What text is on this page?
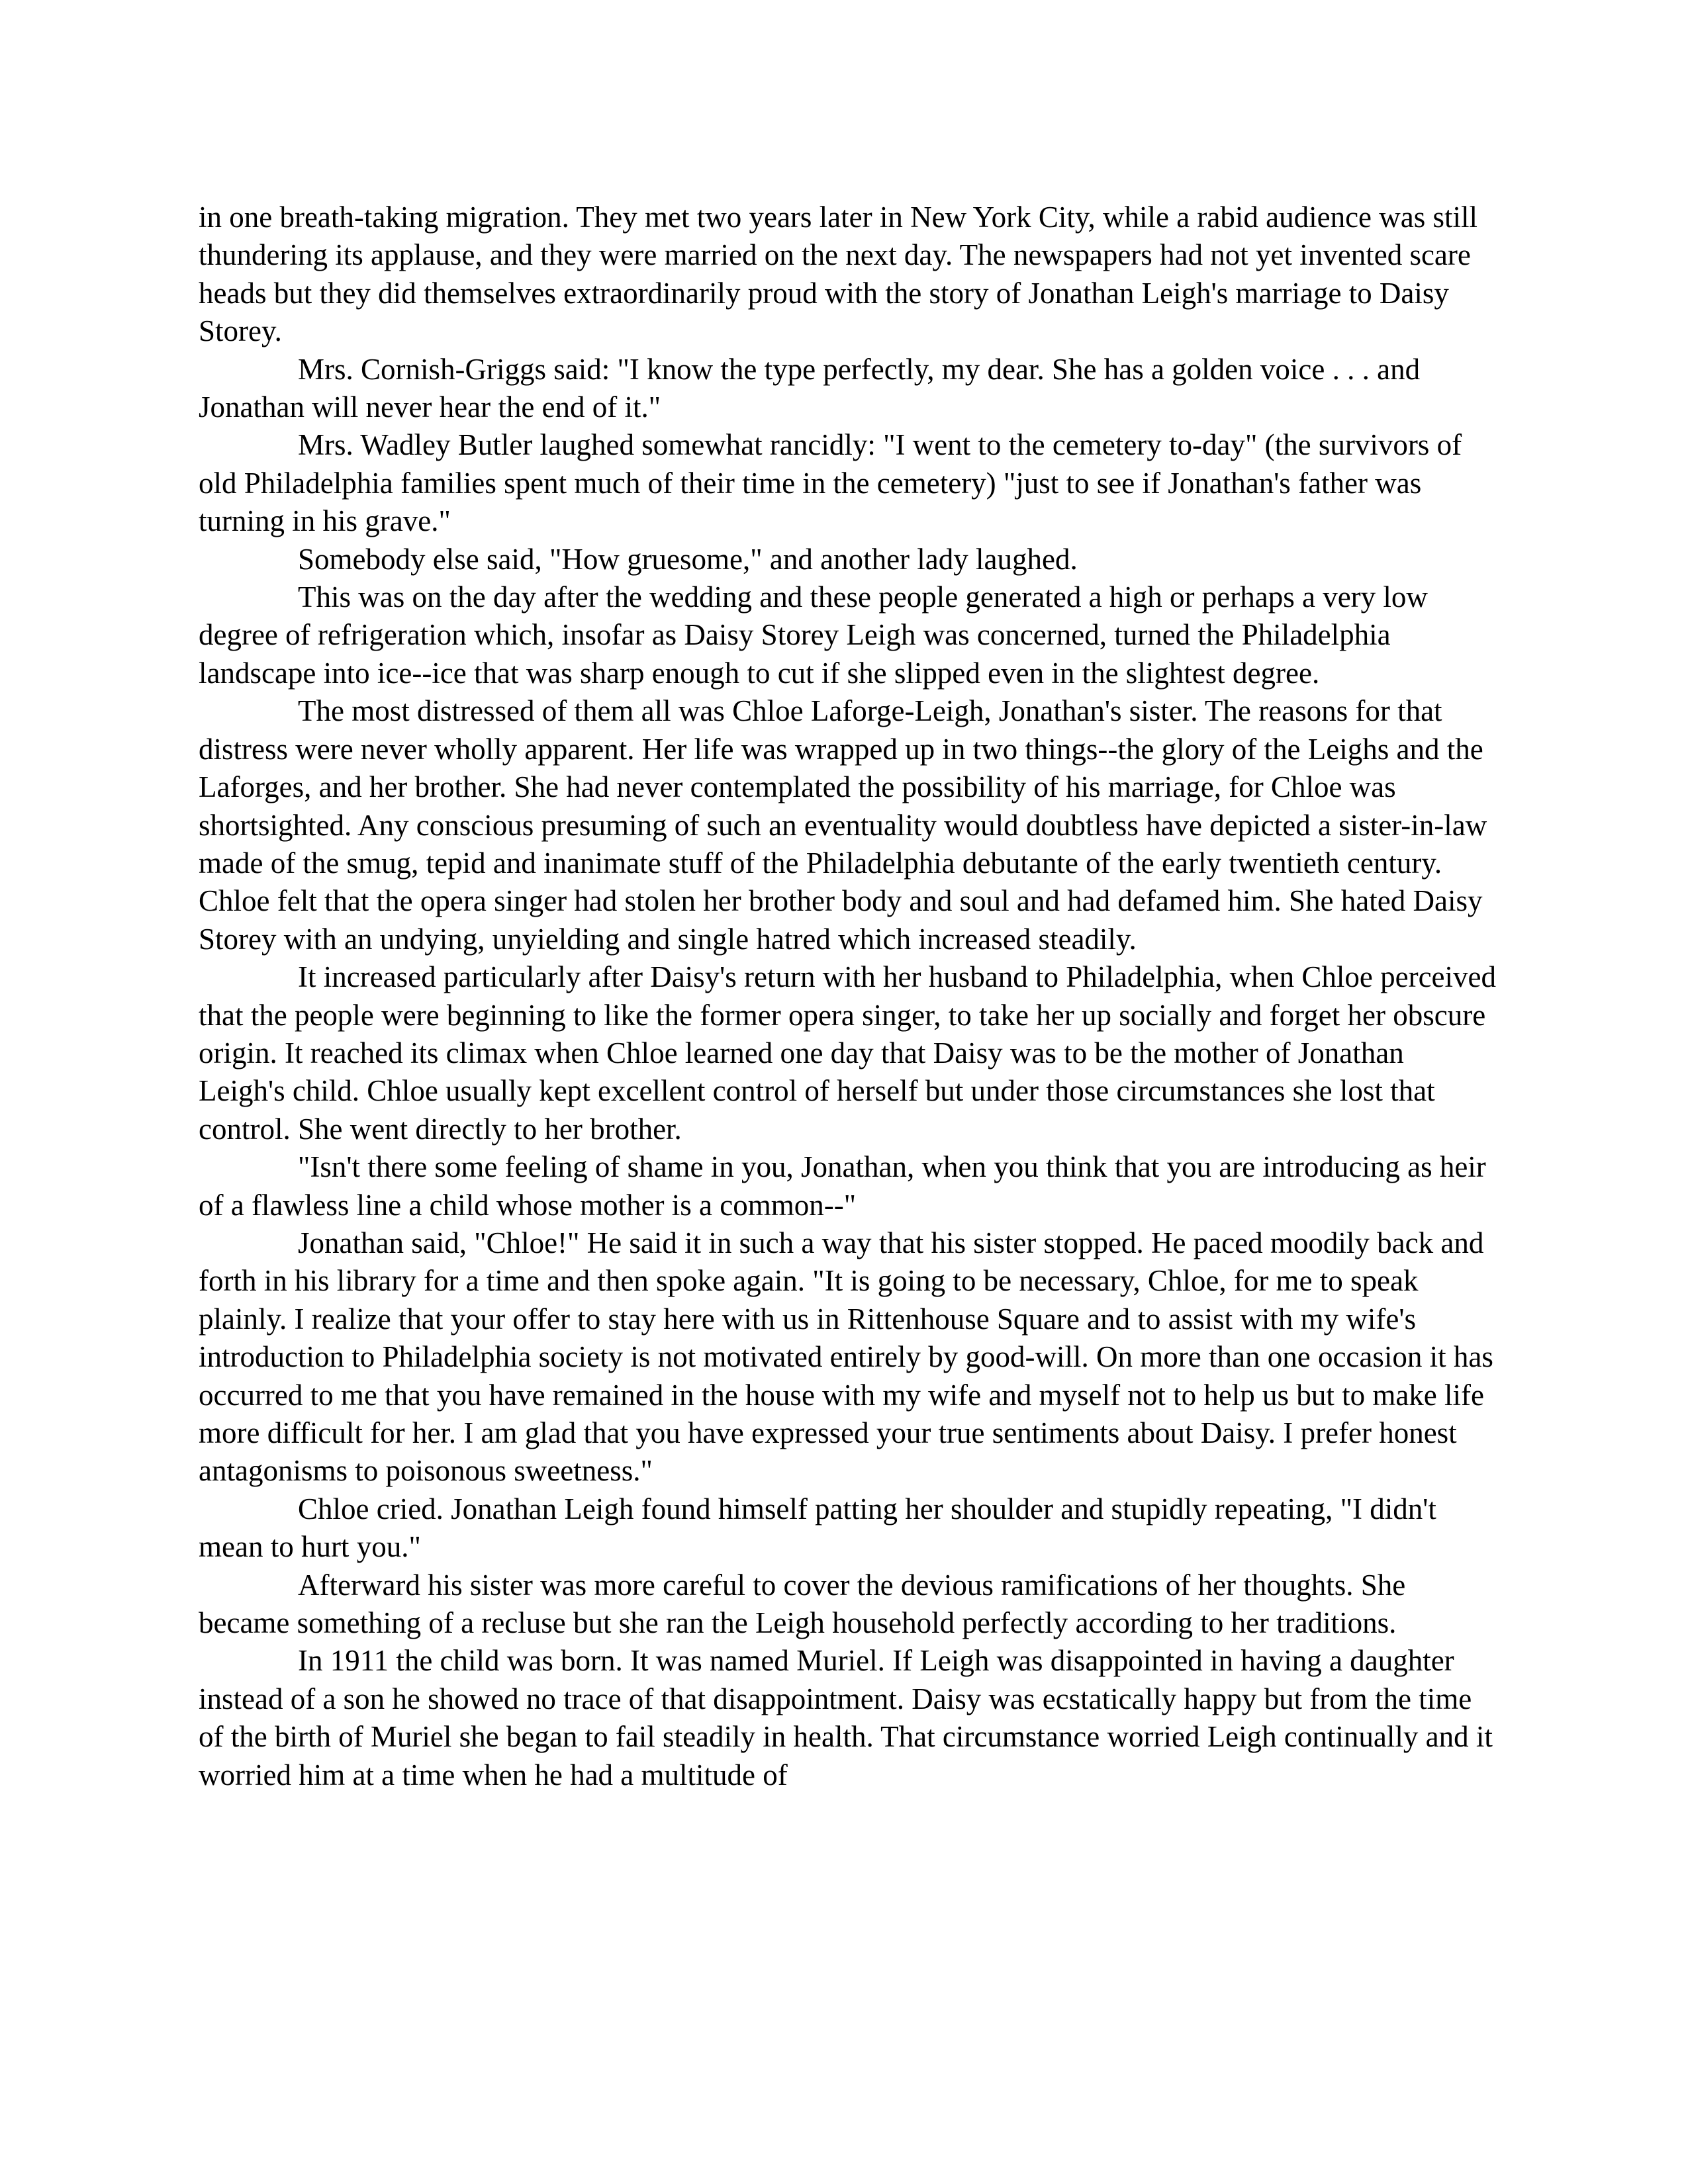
in one breath-taking migration. They met two years later in New York City, while a rabid audience was still thundering its applause, and they were married on the next day. The newspapers had not yet invented scare heads but they did themselves extraordinarily proud with the story of Jonathan Leigh's marriage to Daisy Storey.

Mrs. Cornish-Griggs said: "I know the type perfectly, my dear. She has a golden voice . . . and Jonathan will never hear the end of it."

Mrs. Wadley Butler laughed somewhat rancidly: "I went to the cemetery to-day" (the survivors of old Philadelphia families spent much of their time in the cemetery) "just to see if Jonathan's father was turning in his grave."

Somebody else said, "How gruesome," and another lady laughed.

This was on the day after the wedding and these people generated a high or perhaps a very low degree of refrigeration which, insofar as Daisy Storey Leigh was concerned, turned the Philadelphia landscape into ice--ice that was sharp enough to cut if she slipped even in the slightest degree.

The most distressed of them all was Chloe Laforge-Leigh, Jonathan's sister. The reasons for that distress were never wholly apparent. Her life was wrapped up in two things--the glory of the Leighs and the Laforges, and her brother. She had never contemplated the possibility of his marriage, for Chloe was shortsighted. Any conscious presuming of such an eventuality would doubtless have depicted a sister-in-law made of the smug, tepid and inanimate stuff of the Philadelphia debutante of the early twentieth century. Chloe felt that the opera singer had stolen her brother body and soul and had defamed him. She hated Daisy Storey with an undying, unyielding and single hatred which increased steadily.

It increased particularly after Daisy's return with her husband to Philadelphia, when Chloe perceived that the people were beginning to like the former opera singer, to take her up socially and forget her obscure origin. It reached its climax when Chloe learned one day that Daisy was to be the mother of Jonathan Leigh's child. Chloe usually kept excellent control of herself but under those circumstances she lost that control. She went directly to her brother.

"Isn't there some feeling of shame in you, Jonathan, when you think that you are introducing as heir of a flawless line a child whose mother is a common--"

Jonathan said, "Chloe!" He said it in such a way that his sister stopped. He paced moodily back and forth in his library for a time and then spoke again. "It is going to be necessary, Chloe, for me to speak plainly. I realize that your offer to stay here with us in Rittenhouse Square and to assist with my wife's introduction to Philadelphia society is not motivated entirely by good-will. On more than one occasion it has occurred to me that you have remained in the house with my wife and myself not to help us but to make life more difficult for her. I am glad that you have expressed your true sentiments about Daisy. I prefer honest antagonisms to poisonous sweetness."

Chloe cried. Jonathan Leigh found himself patting her shoulder and stupidly repeating, "I didn't mean to hurt you."

Afterward his sister was more careful to cover the devious ramifications of her thoughts. She became something of a recluse but she ran the Leigh household perfectly according to her traditions.

In 1911 the child was born. It was named Muriel. If Leigh was disappointed in having a daughter instead of a son he showed no trace of that disappointment. Daisy was ecstatically happy but from the time of the birth of Muriel she began to fail steadily in health. That circumstance worried Leigh continually and it worried him at a time when he had a multitude of
